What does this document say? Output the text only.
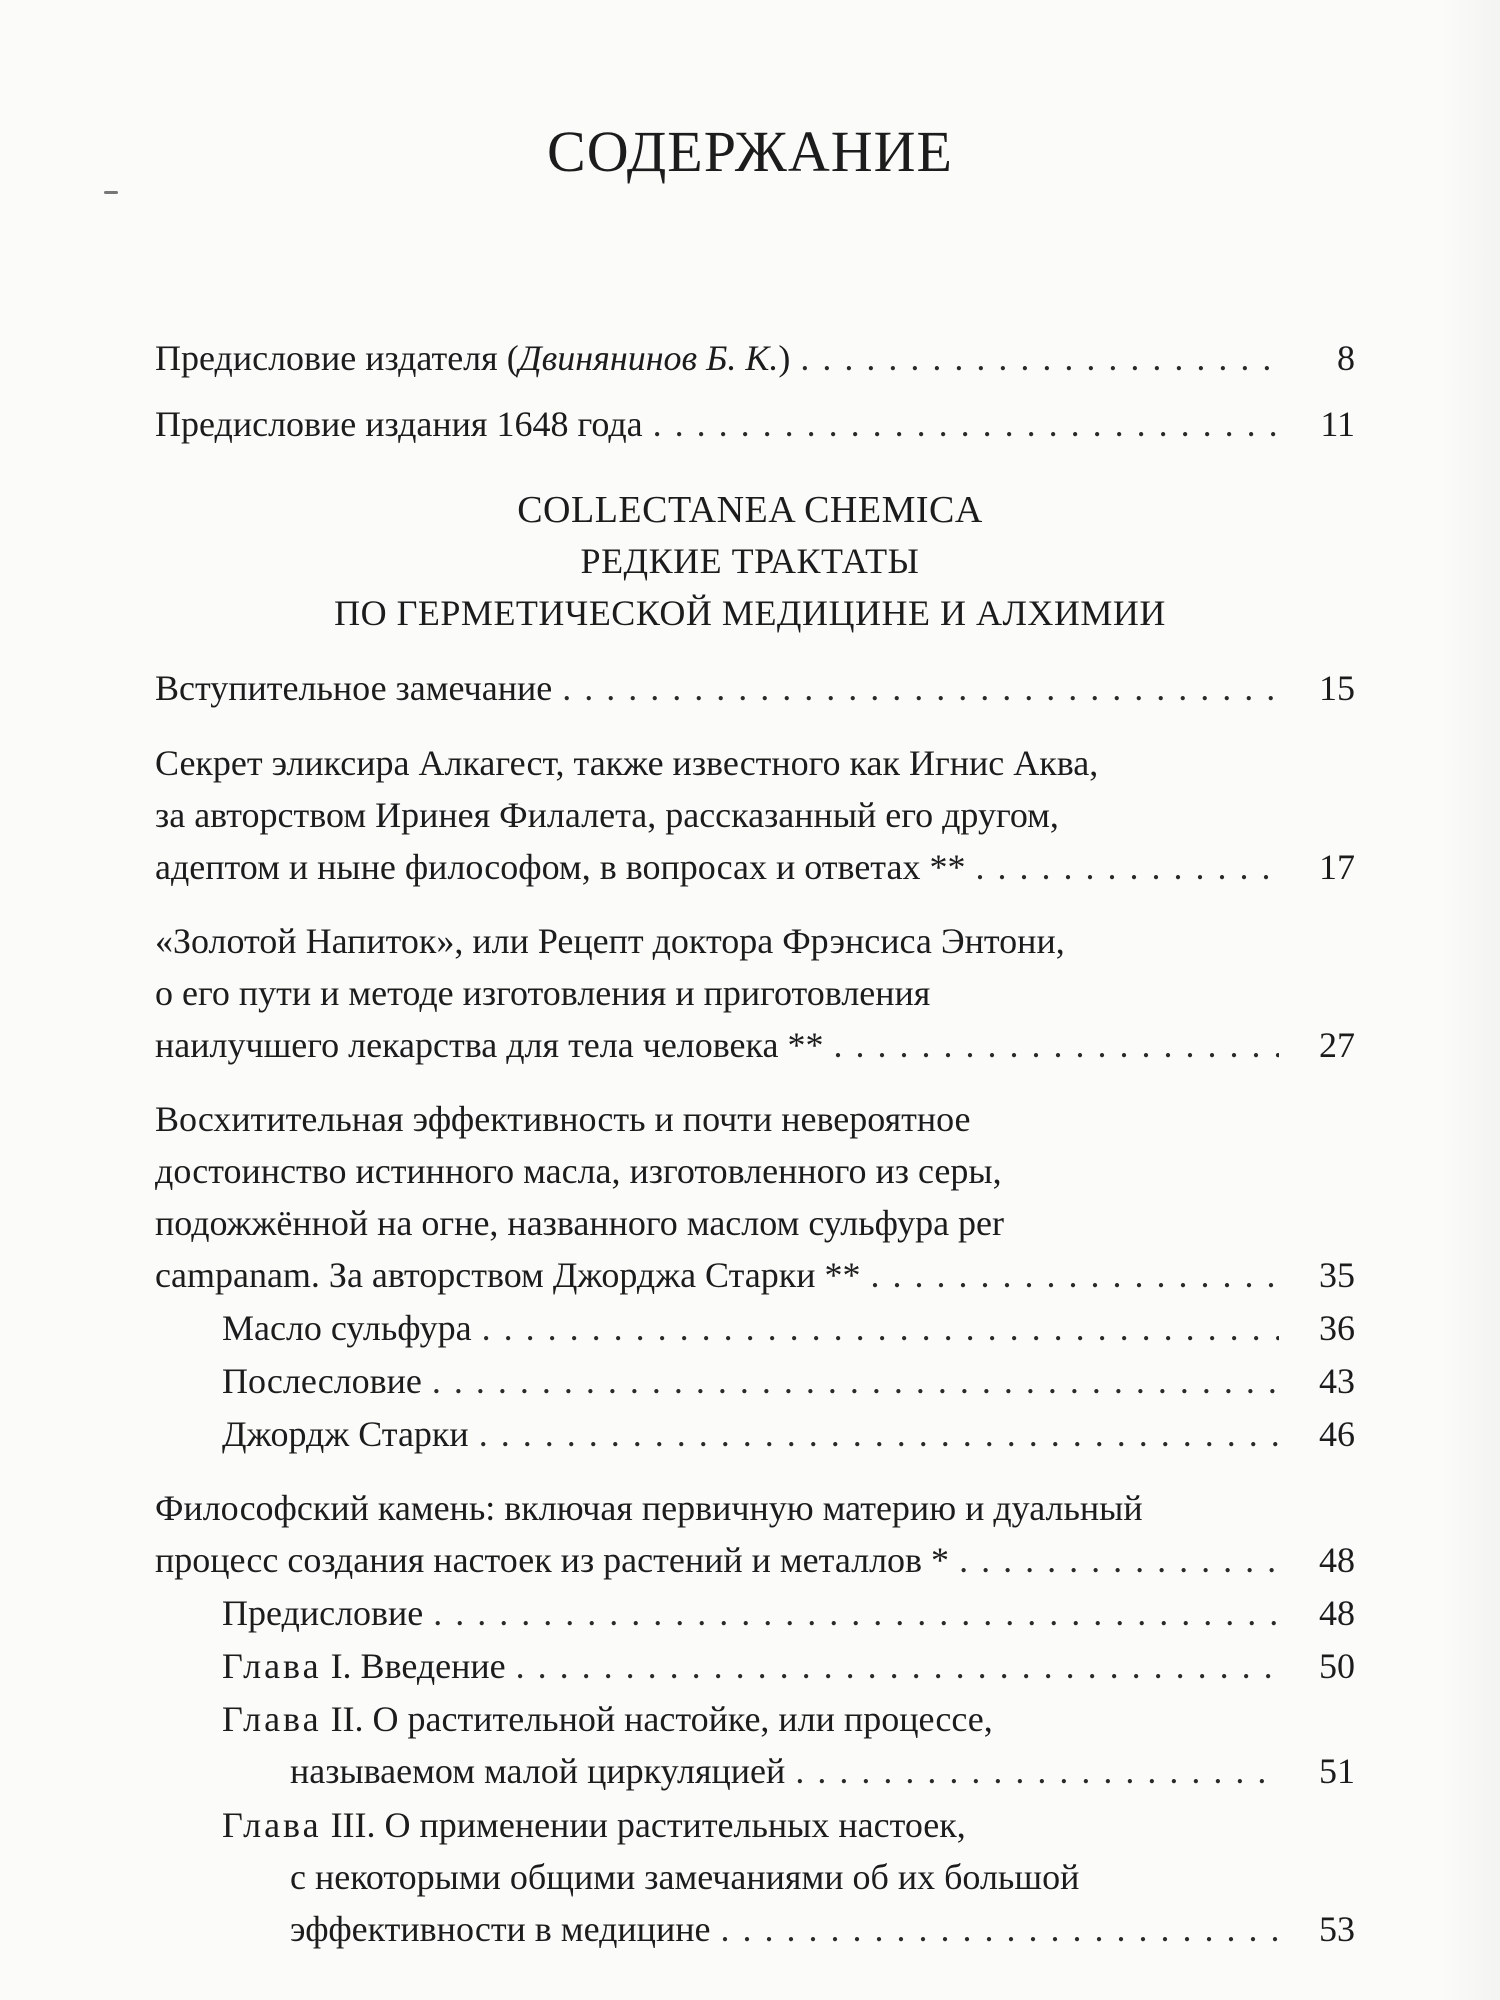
СОДЕРЖАНИЕ
Предисловие издателя (Двинянинов Б. К.) . . .	8
Предисловие издания 1648 года . . .	11
COLLECTANEA CHEMICA
РЕДКИЕ ТРАКТАТЫ
ПО ГЕРМЕТИЧЕСКОЙ МЕДИЦИНЕ И АЛХИМИИ
Вступительное замечание . . .	15
Секрет эликсира Алкагест, также известного как Игнис Аква,
за авторством Иринея Филалета, рассказанный его другом,
адептом и ныне философом, в вопросах и ответах ** . . .	17
«Золотой Напиток», или Рецепт доктора Фрэнсиса Энтони,
о его пути и методе изготовления и приготовления
наилучшего лекарства для тела человека ** . . .	27
Восхитительная эффективность и почти невероятное
достоинство истинного масла, изготовленного из серы,
подожжённой на огне, названного маслом сульфура per
campanam. За авторством Джорджа Старки ** . . .	35
Масло сульфура . . .	36
Послесловие . . .	43
Джордж Старки . . .	46
Философский камень: включая первичную материю и дуальный
процесс создания настоек из растений и металлов * . . .	48
Предисловие . . .	48
Глава I. Введение . . .	50
Глава II. О растительной настойке, или процессе,
называемом малой циркуляцией . . .	51
Глава III. О применении растительных настоек,
с некоторыми общими замечаниями об их большой
эффективности в медицине . . .	53
